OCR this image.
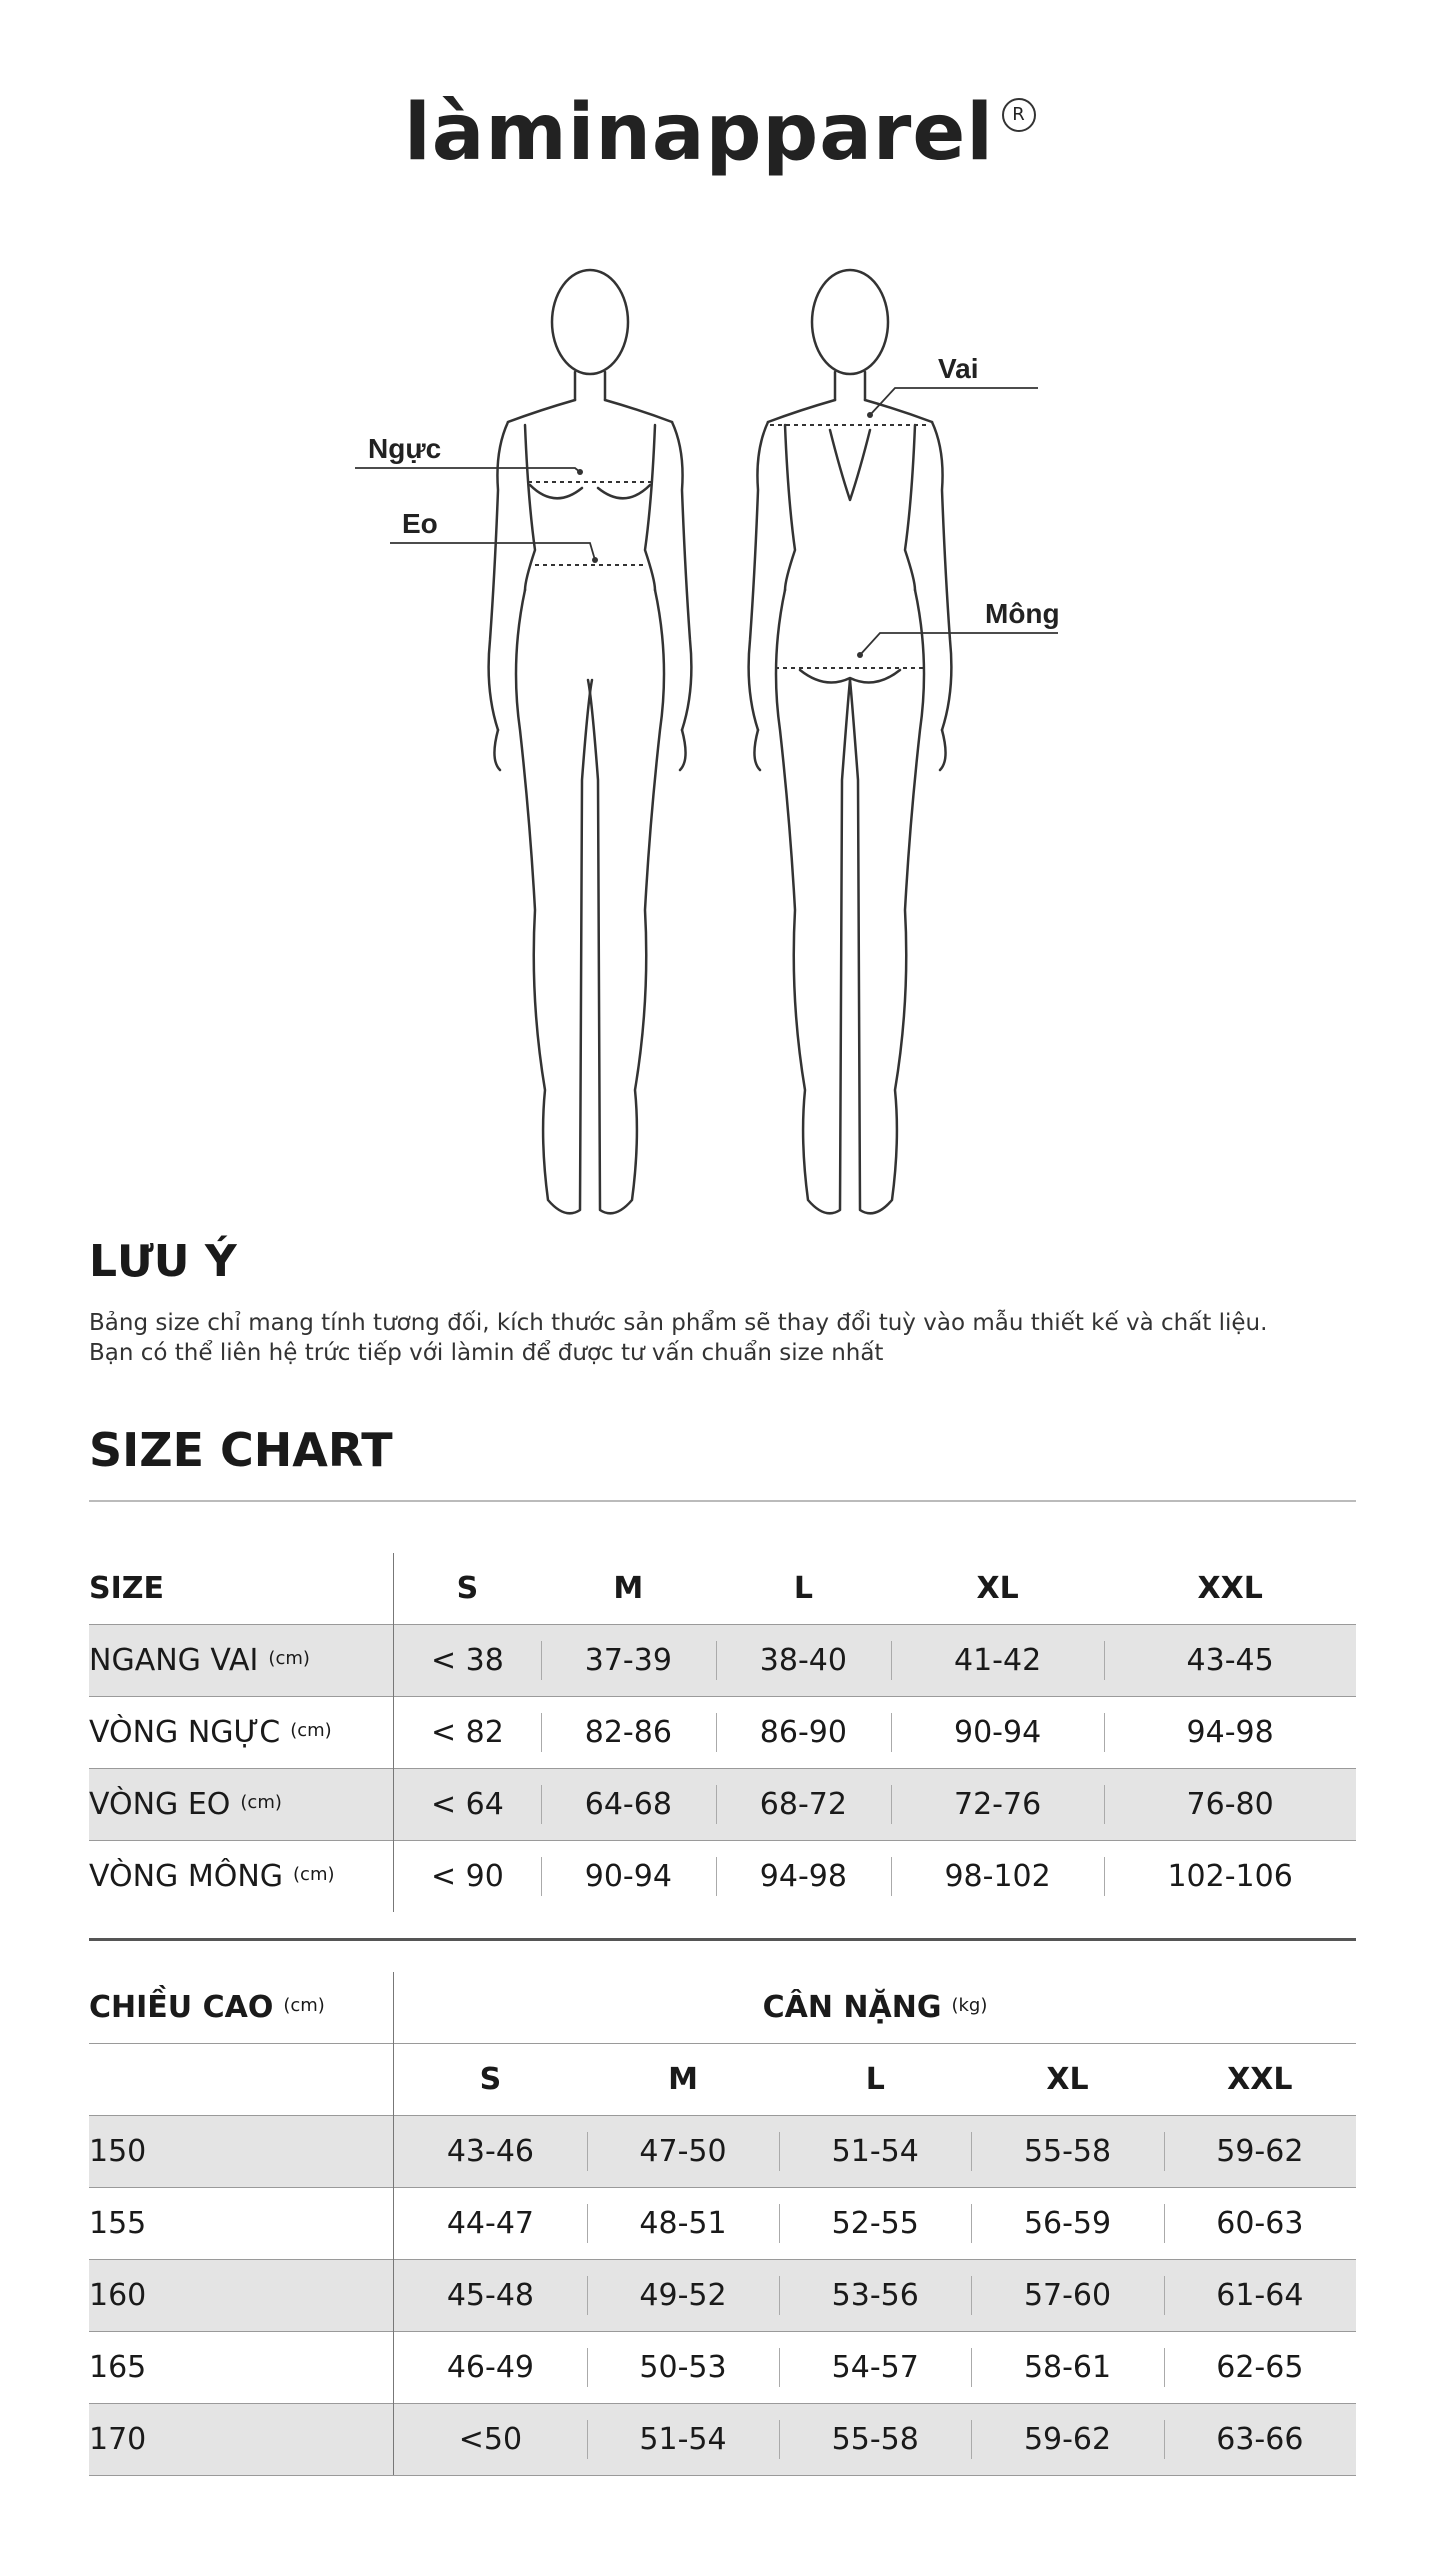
làminapparel R
Ngực
Eo
Vai
Mông
LƯU Ý
Bảng size chỉ mang tính tương đối, kích thước sản phẩm sẽ thay đổi tuỳ vào mẫu thiết kế và chất liệu.
Bạn có thể liên hệ trức tiếp với làmin để được tư vấn chuẩn size nhất
SIZE CHART
SIZE	S	M	L	XL	XXL
NGANG VAI $^{(cm)}$	< 38	37-39	38-40	41-42	43-45
VÒNG NGỰC $^{(cm)}$	< 82	82-86	86-90	90-94	94-98
VÒNG EO $^{(cm)}$	< 64	64-68	68-72	72-76	76-80
VÒNG MÔNG $^{(cm)}$	< 90	90-94	94-98	98-102	102-106
CHIỀU CAO $^{(cm)}$	CÂN NẶNG $^{(kg)}$
	S	M	L	XL	XXL
150	43-46	47-50	51-54	55-58	59-62
155	44-47	48-51	52-55	56-59	60-63
160	45-48	49-52	53-56	57-60	61-64
165	46-49	50-53	54-57	58-61	62-65
170	<50	51-54	55-58	59-62	63-66
